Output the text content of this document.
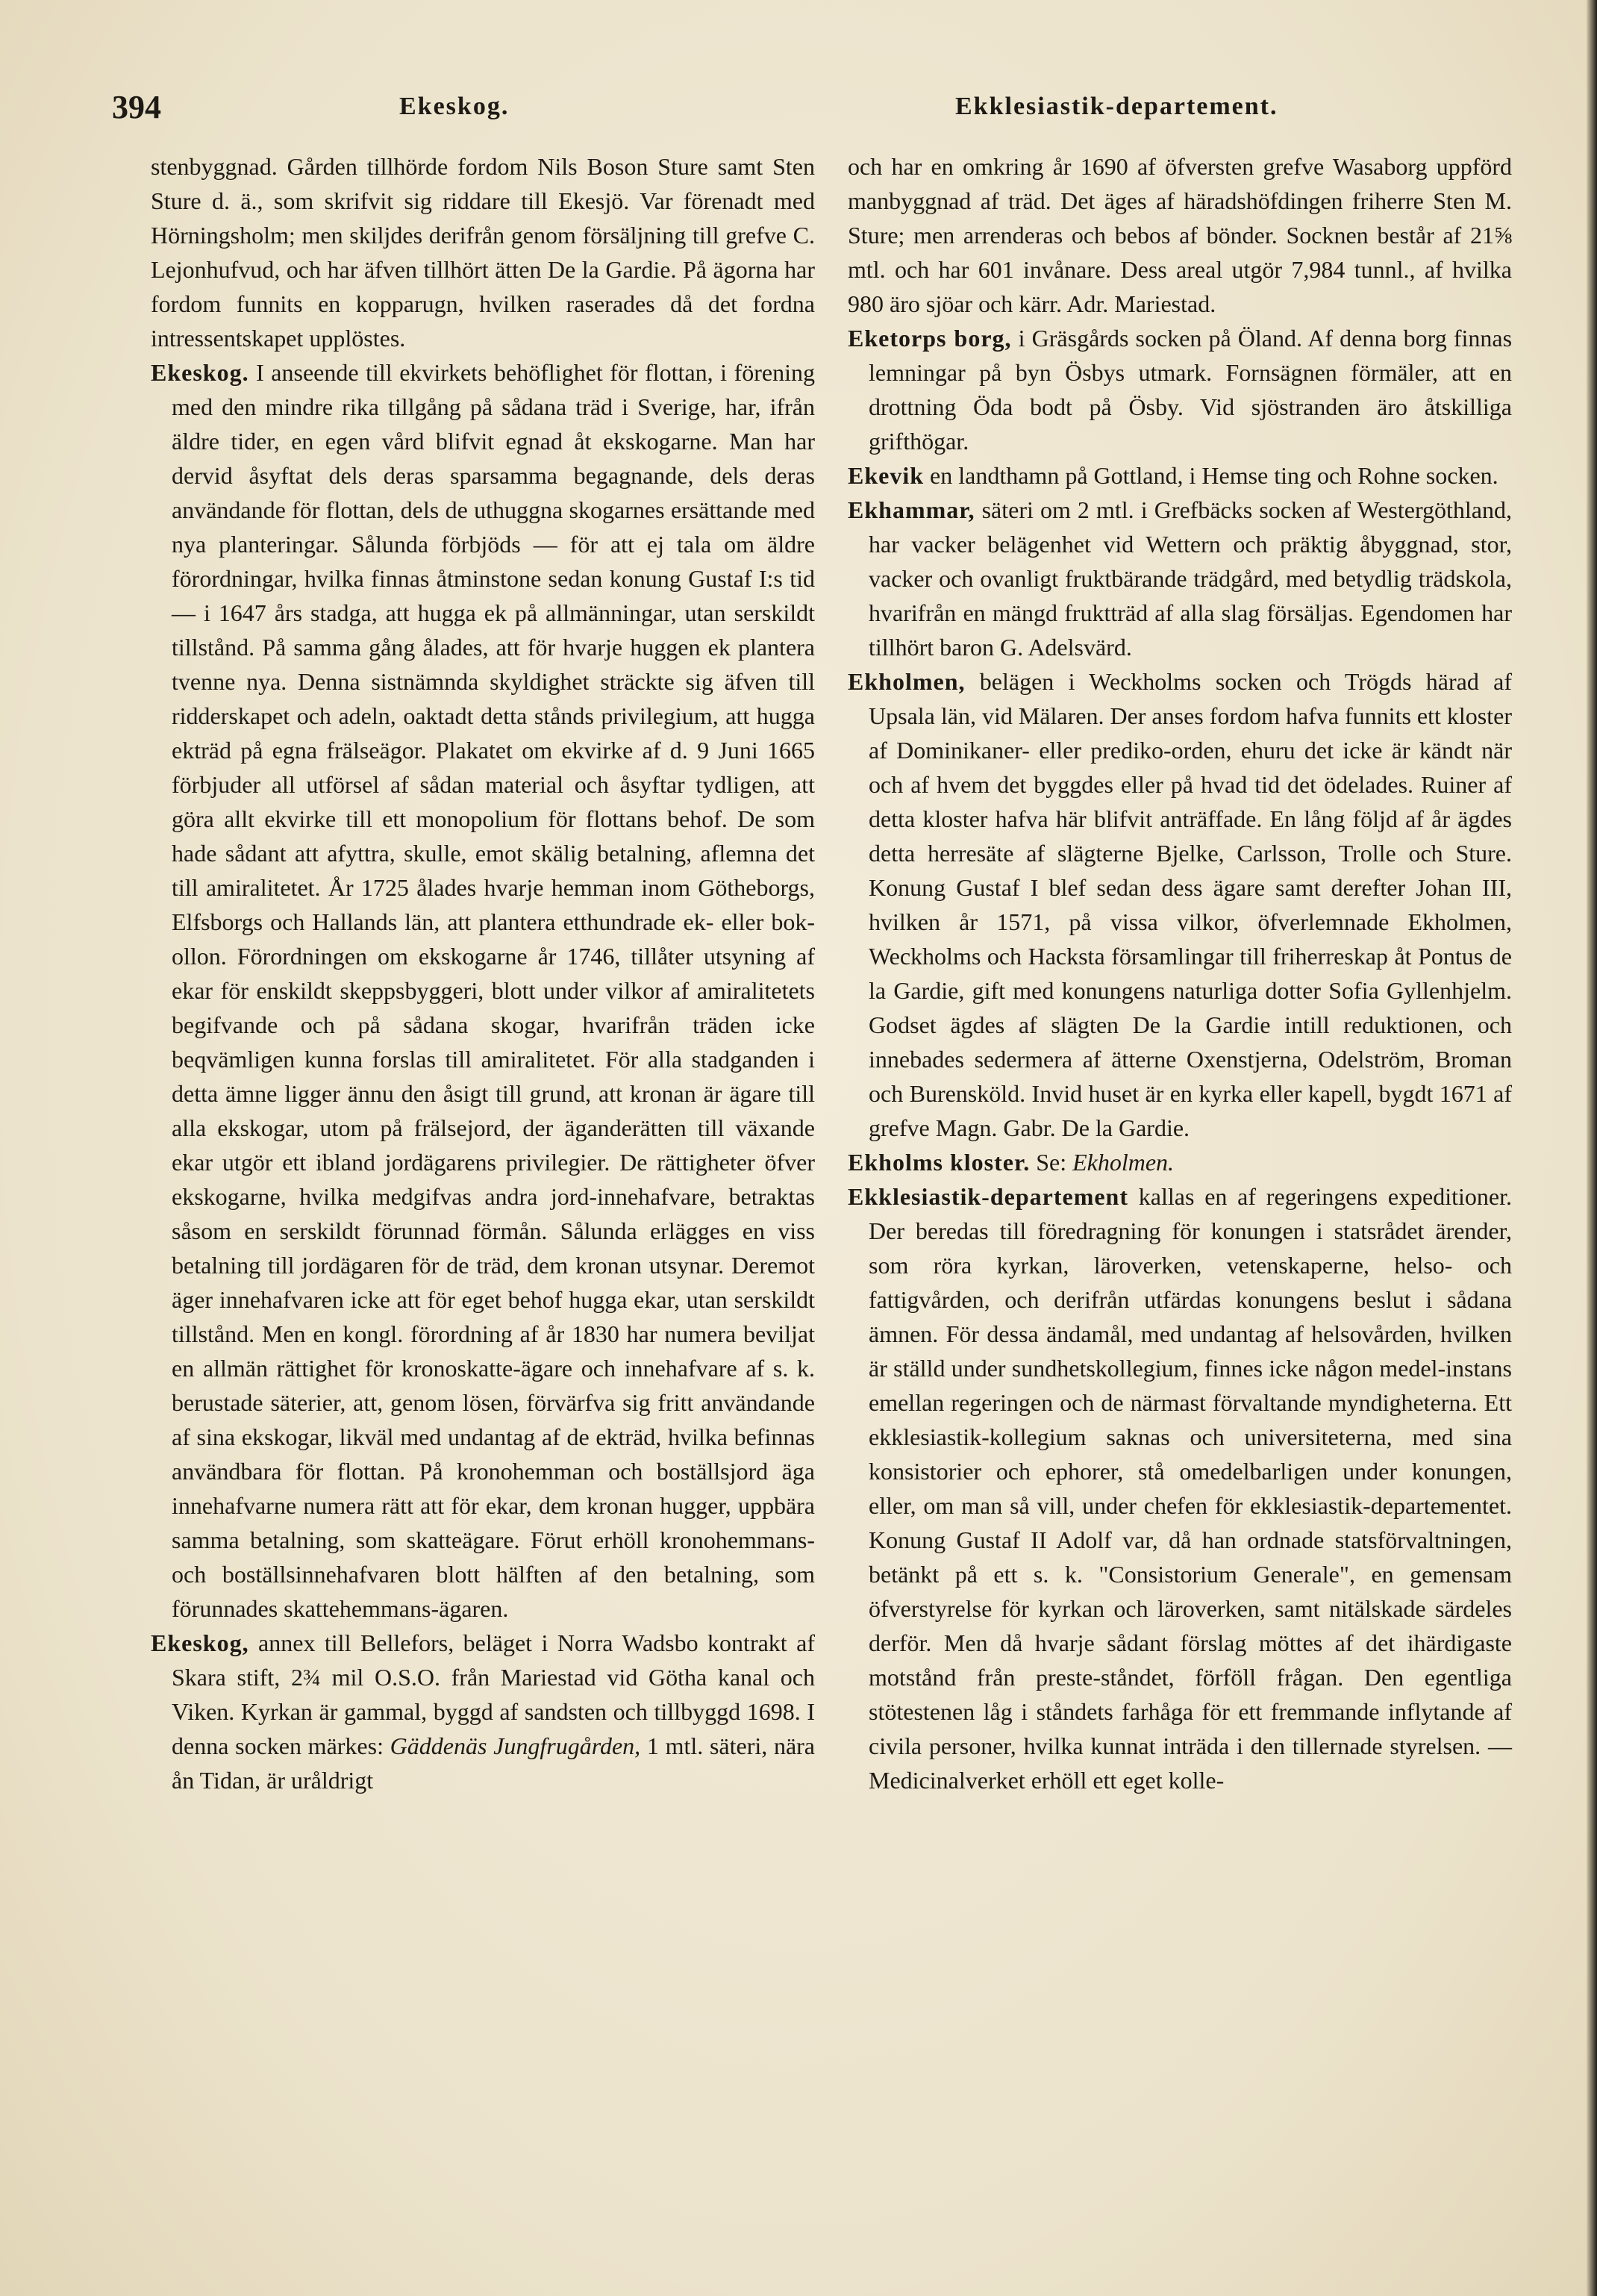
394	Ekeskog.	Ekklesiastik-departement.

stenbyggnad. Gården tillhörde fordom Nils Boson Sture samt Sten Sture d. ä., som skrifvit sig riddare till Ekesjö. Var förenadt med Hörningsholm; men skiljdes derifrån genom försäljning till grefve C. Lejonhufvud, och har äfven tillhört ätten De la Gardie. På ägorna har fordom funnits en kopparugn, hvilken raserades då det fordna intressentskapet upplöstes.

Ekeskog. I anseende till ekvirkets behöflighet för flottan, i förening med den mindre rika tillgång på sådana träd i Sverige, har, ifrån äldre tider, en egen vård blifvit egnad åt ekskogarne. Man har dervid åsyftat dels deras sparsamma begagnande, dels deras användande för flottan, dels de uthuggna skogarnes ersättande med nya planteringar. Sålunda förbjöds — för att ej tala om äldre förordningar, hvilka finnas åtminstone sedan konung Gustaf I:s tid — i 1647 års stadga, att hugga ek på allmänningar, utan serskildt tillstånd. På samma gång ålades, att för hvarje huggen ek plantera tvenne nya. Denna sistnämnda skyldighet sträckte sig äfven till ridderskapet och adeln, oaktadt detta stånds privilegium, att hugga ekträd på egna frälseägor. Plakatet om ekvirke af d. 9 Juni 1665 förbjuder all utförsel af sådan material och åsyftar tydligen, att göra allt ekvirke till ett monopolium för flottans behof. De som hade sådant att afyttra, skulle, emot skälig betalning, aflemna det till amiralitetet. År 1725 ålades hvarje hemman inom Götheborgs, Elfsborgs och Hallands län, att plantera etthundrade ek- eller bok-ollon. Förordningen om ekskogarne år 1746, tillåter utsyning af ekar för enskildt skeppsbyggeri, blott under vilkor af amiralitetets begifvande och på sådana skogar, hvarifrån träden icke beqvämligen kunna forslas till amiralitetet. För alla stadganden i detta ämne ligger ännu den åsigt till grund, att kronan är ägare till alla ekskogar, utom på frälsejord, der äganderätten till växande ekar utgör ett ibland jordägarens privilegier. De rättigheter öfver ekskogarne, hvilka medgifvas andra jord-innehafvare, betraktas såsom en serskildt förunnad förmån. Sålunda erlägges en viss betalning till jordägaren för de träd, dem kronan utsynar. Deremot äger innehafvaren icke att för eget behof hugga ekar, utan serskildt tillstånd. Men en kongl. förordning af år 1830 har numera beviljat en allmän rättighet för kronoskatte-ägare och innehafvare af s. k. berustade säterier, att, genom lösen, förvärfva sig fritt användande af sina ekskogar, likväl med undantag af de ekträd, hvilka befinnas användbara för flottan. På kronohemman och boställsjord äga innehafvarne numera rätt att för ekar, dem kronan hugger, uppbära samma betalning, som skatteägare. Förut erhöll kronohemmans- och boställsinnehafvaren blott hälften af den betalning, som förunnades skattehemmans-ägaren.

Ekeskog, annex till Bellefors, beläget i Norra Wadsbo kontrakt af Skara stift, 2¾ mil O.S.O. från Mariestad vid Götha kanal och Viken. Kyrkan är gammal, byggd af sandsten och tillbyggd 1698. I denna socken märkes: Gäddenäs Jungfrugården, 1 mtl. säteri, nära ån Tidan, är uråldrigt

och har en omkring år 1690 af öfversten grefve Wasaborg uppförd manbyggnad af träd. Det äges af häradshöfdingen friherre Sten M. Sture; men arrenderas och bebos af bönder. Socknen består af 21⅝ mtl. och har 601 invånare. Dess areal utgör 7,984 tunnl., af hvilka 980 äro sjöar och kärr. Adr. Mariestad.

Eketorps borg, i Gräsgårds socken på Öland. Af denna borg finnas lemningar på byn Ösbys utmark. Fornsägnen förmäler, att en drottning Öda bodt på Ösby. Vid sjöstranden äro åtskilliga grifthögar.

Ekevik en landthamn på Gottland, i Hemse ting och Rohne socken.

Ekhammar, säteri om 2 mtl. i Grefbäcks socken af Westergöthland, har vacker belägenhet vid Wettern och präktig åbyggnad, stor, vacker och ovanligt fruktbärande trädgård, med betydlig trädskola, hvarifrån en mängd fruktträd af alla slag försäljas. Egendomen har tillhört baron G. Adelsvärd.

Ekholmen, belägen i Weckholms socken och Trögds härad af Upsala län, vid Mälaren. Der anses fordom hafva funnits ett kloster af Dominikaner- eller prediko-orden, ehuru det icke är kändt när och af hvem det byggdes eller på hvad tid det ödelades. Ruiner af detta kloster hafva här blifvit anträffade. En lång följd af år ägdes detta herresäte af slägterne Bjelke, Carlsson, Trolle och Sture. Konung Gustaf I blef sedan dess ägare samt derefter Johan III, hvilken år 1571, på vissa vilkor, öfverlemnade Ekholmen, Weckholms och Hacksta församlingar till friherreskap åt Pontus de la Gardie, gift med konungens naturliga dotter Sofia Gyllenhjelm. Godset ägdes af slägten De la Gardie intill reduktionen, och innebades sedermera af ätterne Oxenstjerna, Odelström, Broman och Burensköld. Invid huset är en kyrka eller kapell, bygdt 1671 af grefve Magn. Gabr. De la Gardie.

Ekholms kloster. Se: Ekholmen.

Ekklesiastik-departement kallas en af regeringens expeditioner. Der beredas till föredragning för konungen i statsrådet ärender, som röra kyrkan, läroverken, vetenskaperne, helso- och fattigvården, och derifrån utfärdas konungens beslut i sådana ämnen. För dessa ändamål, med undantag af helsovården, hvilken är ställd under sundhetskollegium, finnes icke någon medel-instans emellan regeringen och de närmast förvaltande myndigheterna. Ett ekklesiastik-kollegium saknas och universiteterna, med sina konsistorier och ephorer, stå omedelbarligen under konungen, eller, om man så vill, under chefen för ekklesiastik-departementet. Konung Gustaf II Adolf var, då han ordnade statsförvaltningen, betänkt på ett s. k. "Consistorium Generale", en gemensam öfverstyrelse för kyrkan och läroverken, samt nitälskade särdeles derför. Men då hvarje sådant förslag möttes af det ihärdigaste motstånd från preste-ståndet, förföll frågan. Den egentliga stötestenen låg i ståndets farhåga för ett fremmande inflytande af civila personer, hvilka kunnat inträda i den tillernade styrelsen. — Medicinalverket erhöll ett eget kolle-
